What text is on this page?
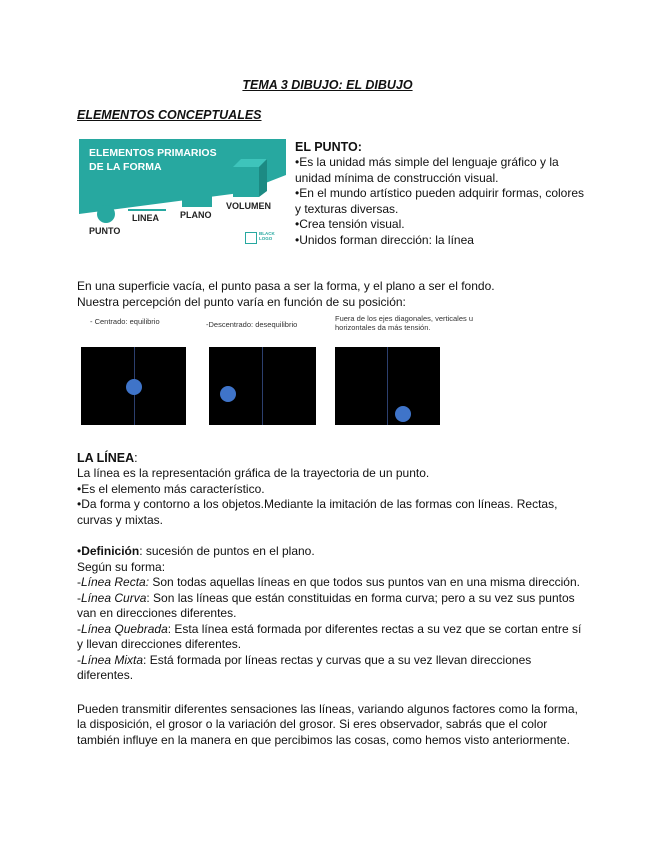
TEMA 3 DIBUJO: EL DIBUJO
ELEMENTOS CONCEPTUALES
ELEMENTOS PRIMARIOS
DE LA FORMA
PUNTO
LINEA PLANO
VOLUMEN
BLACK
LOGO
EL PUNTO:
•Es la unidad más simple del lenguaje gráfico y la
unidad mínima de construcción visual.
•En el mundo artístico pueden adquirir formas, colores
y texturas diversas.
•Crea tensión visual.
•Unidos forman dirección: la línea
En una superficie vacía, el punto pasa a ser la forma, y el plano a ser el fondo.
Nuestra percepción del punto varía en función de su posición:
- Centrado: equilibrio	-Descentrado: desequilibrio
Fuera de los ejes diagonales, verticales u
horizontales da más tensión.
LA LÍNEA:
La línea es la representación gráfica de la trayectoria de un punto.
•Es el elemento más característico.
•Da forma y contorno a los objetos.Mediante la imitación de las formas con líneas. Rectas,
curvas y mixtas.
•Definición: sucesión de puntos en el plano.
Según su forma:
-Línea Recta: Son todas aquellas líneas en que todos sus puntos van en una misma dirección.
-Línea Curva: Son las líneas que están constituidas en forma curva; pero a su vez sus puntos
van en direcciones diferentes.
-Línea Quebrada: Esta línea está formada por diferentes rectas a su vez que se cortan entre sí
y llevan direcciones diferentes.
-Línea Mixta: Está formada por líneas rectas y curvas que a su vez llevan direcciones
diferentes.
Pueden transmitir diferentes sensaciones las líneas, variando algunos factores como la forma,
la disposición, el grosor o la variación del grosor. Si eres observador, sabrás que el color
también influye en la manera en que percibimos las cosas, como hemos visto anteriormente.
